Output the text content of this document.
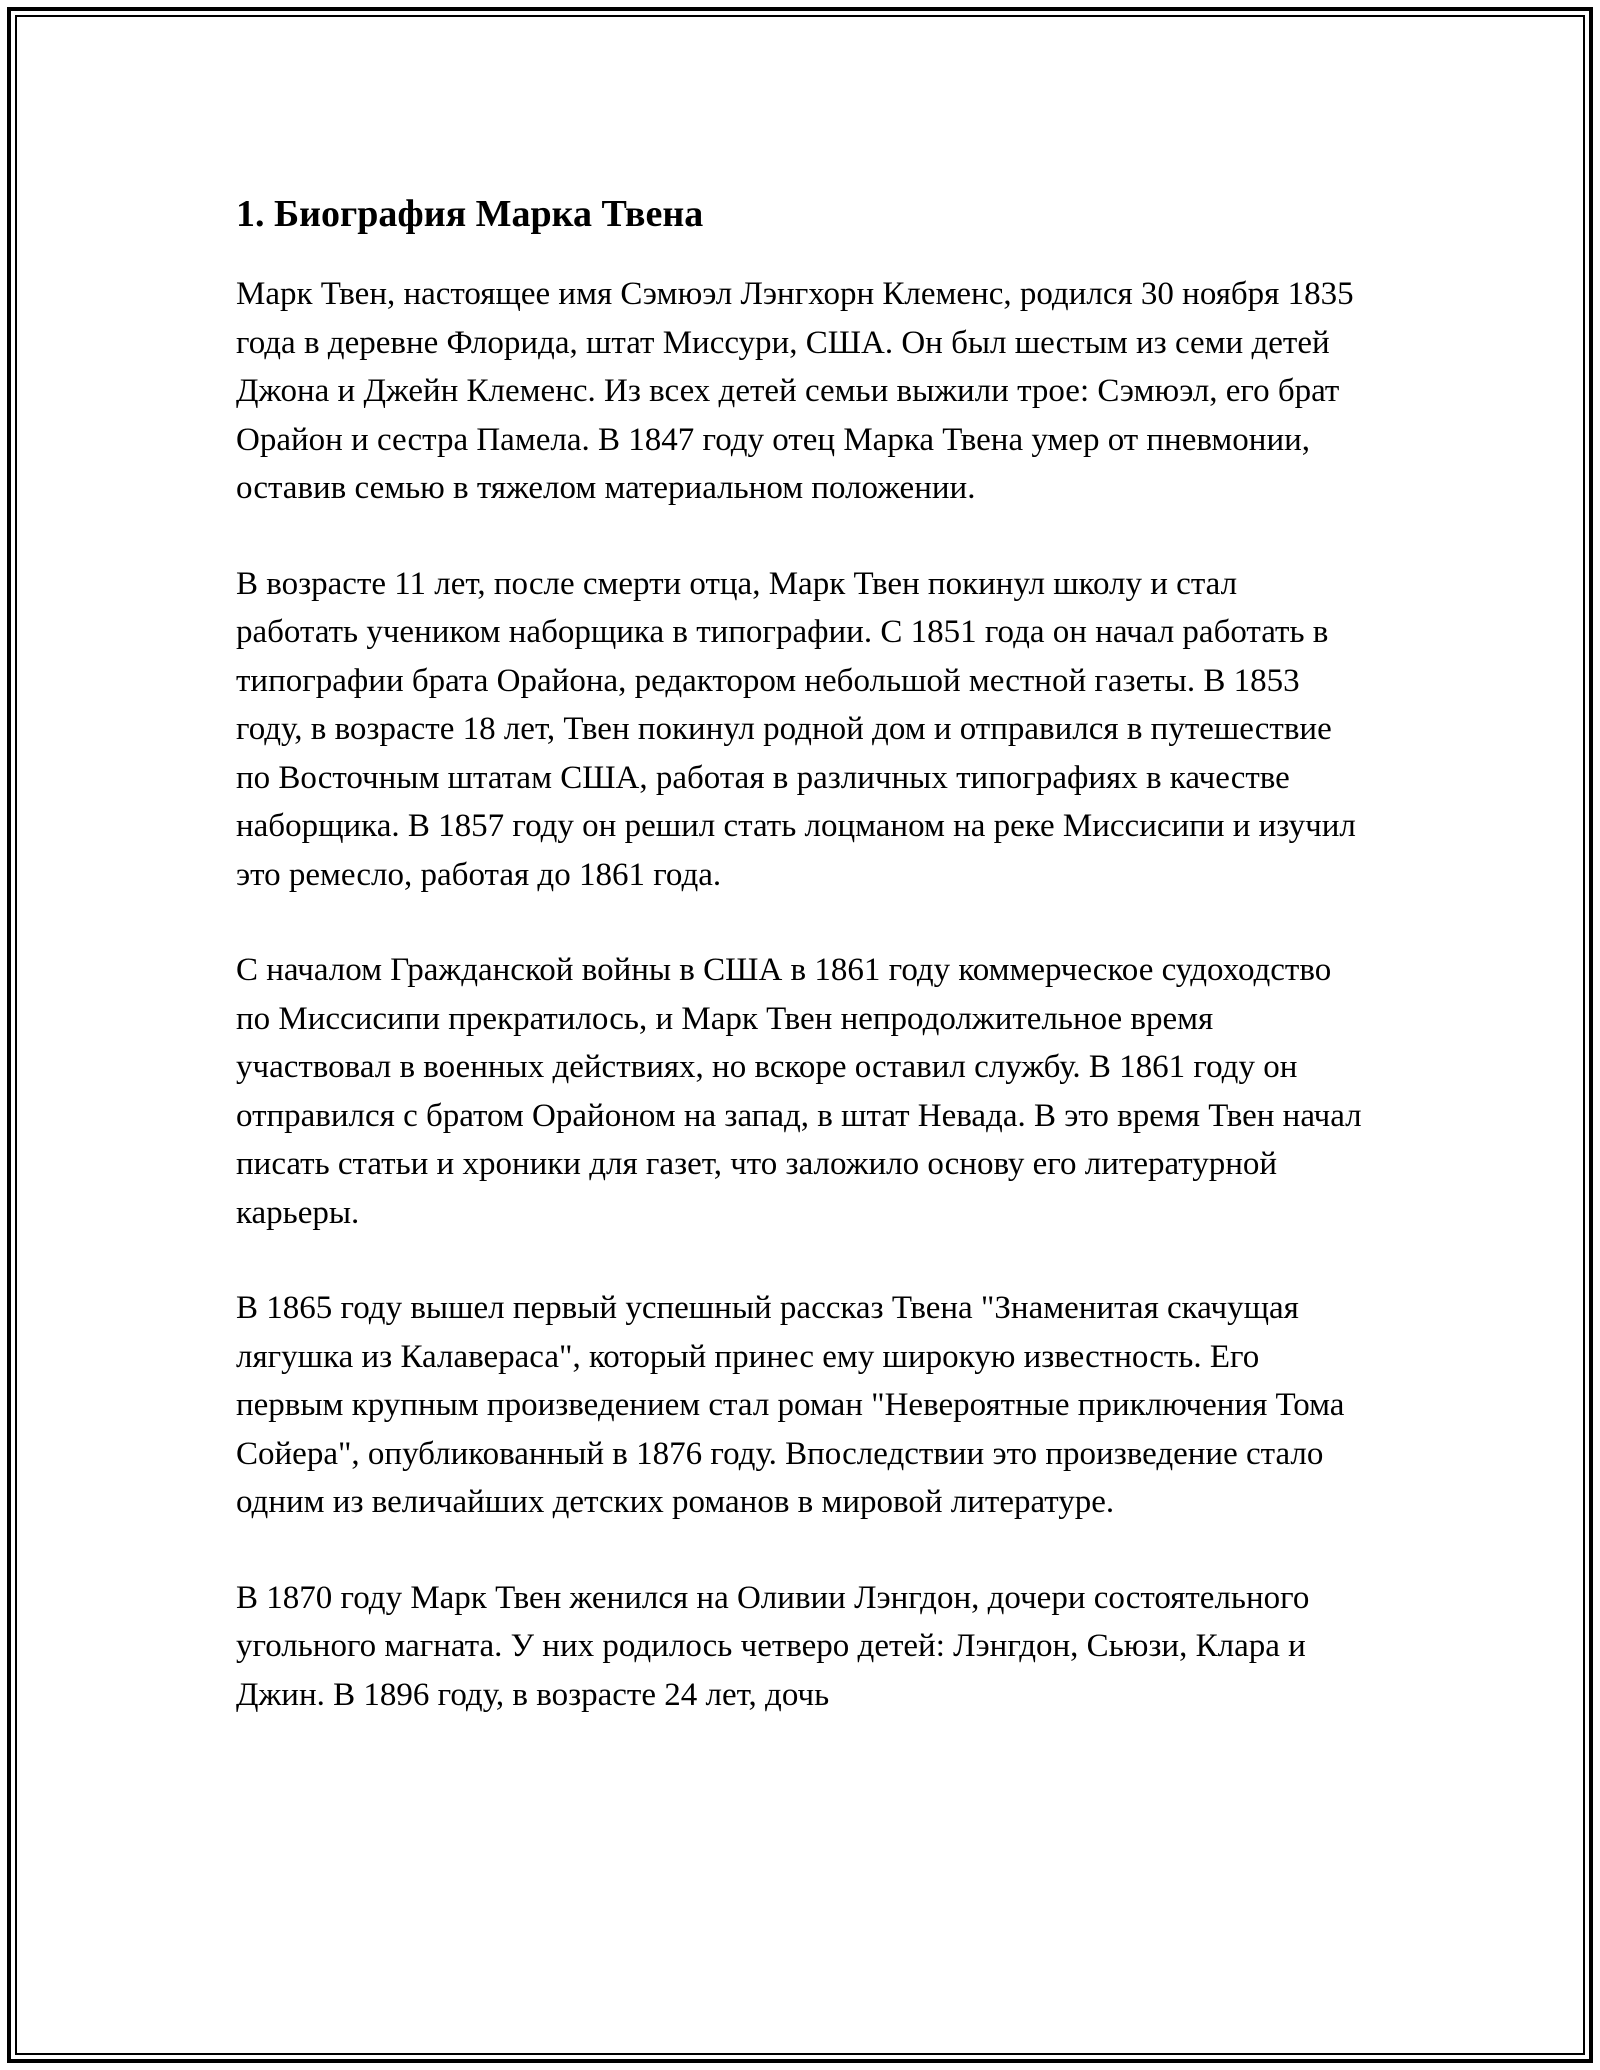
1. Биография Марка Твена

Марк Твен, настоящее имя Сэмюэл Лэнгхорн Клеменс, родился 30 ноября 1835 года в деревне Флорида, штат Миссури, США. Он был шестым из семи детей Джона и Джейн Клеменс. Из всех детей семьи выжили трое: Сэмюэл, его брат Орайон и сестра Памела. В 1847 году отец Марка Твена умер от пневмонии, оставив семью в тяжелом материальном положении.

В возрасте 11 лет, после смерти отца, Марк Твен покинул школу и стал работать учеником наборщика в типографии. С 1851 года он начал работать в типографии брата Орайона, редактором небольшой местной газеты. В 1853 году, в возрасте 18 лет, Твен покинул родной дом и отправился в путешествие по Восточным штатам США, работая в различных типографиях в качестве наборщика. В 1857 году он решил стать лоцманом на реке Миссисипи и изучил это ремесло, работая до 1861 года.

С началом Гражданской войны в США в 1861 году коммерческое судоходство по Миссисипи прекратилось, и Марк Твен непродолжительное время участвовал в военных действиях, но вскоре оставил службу. В 1861 году он отправился с братом Орайоном на запад, в штат Невада. В это время Твен начал писать статьи и хроники для газет, что заложило основу его литературной карьеры.

В 1865 году вышел первый успешный рассказ Твена "Знаменитая скачущая лягушка из Калавераса", который принес ему широкую известность. Его первым крупным произведением стал роман "Невероятные приключения Тома Сойера", опубликованный в 1876 году. Впоследствии это произведение стало одним из величайших детских романов в мировой литературе.

В 1870 году Марк Твен женился на Оливии Лэнгдон, дочери состоятельного угольного магната. У них родилось четверо детей: Лэнгдон, Сьюзи, Клара и Джин. В 1896 году, в возрасте 24 лет, дочь
